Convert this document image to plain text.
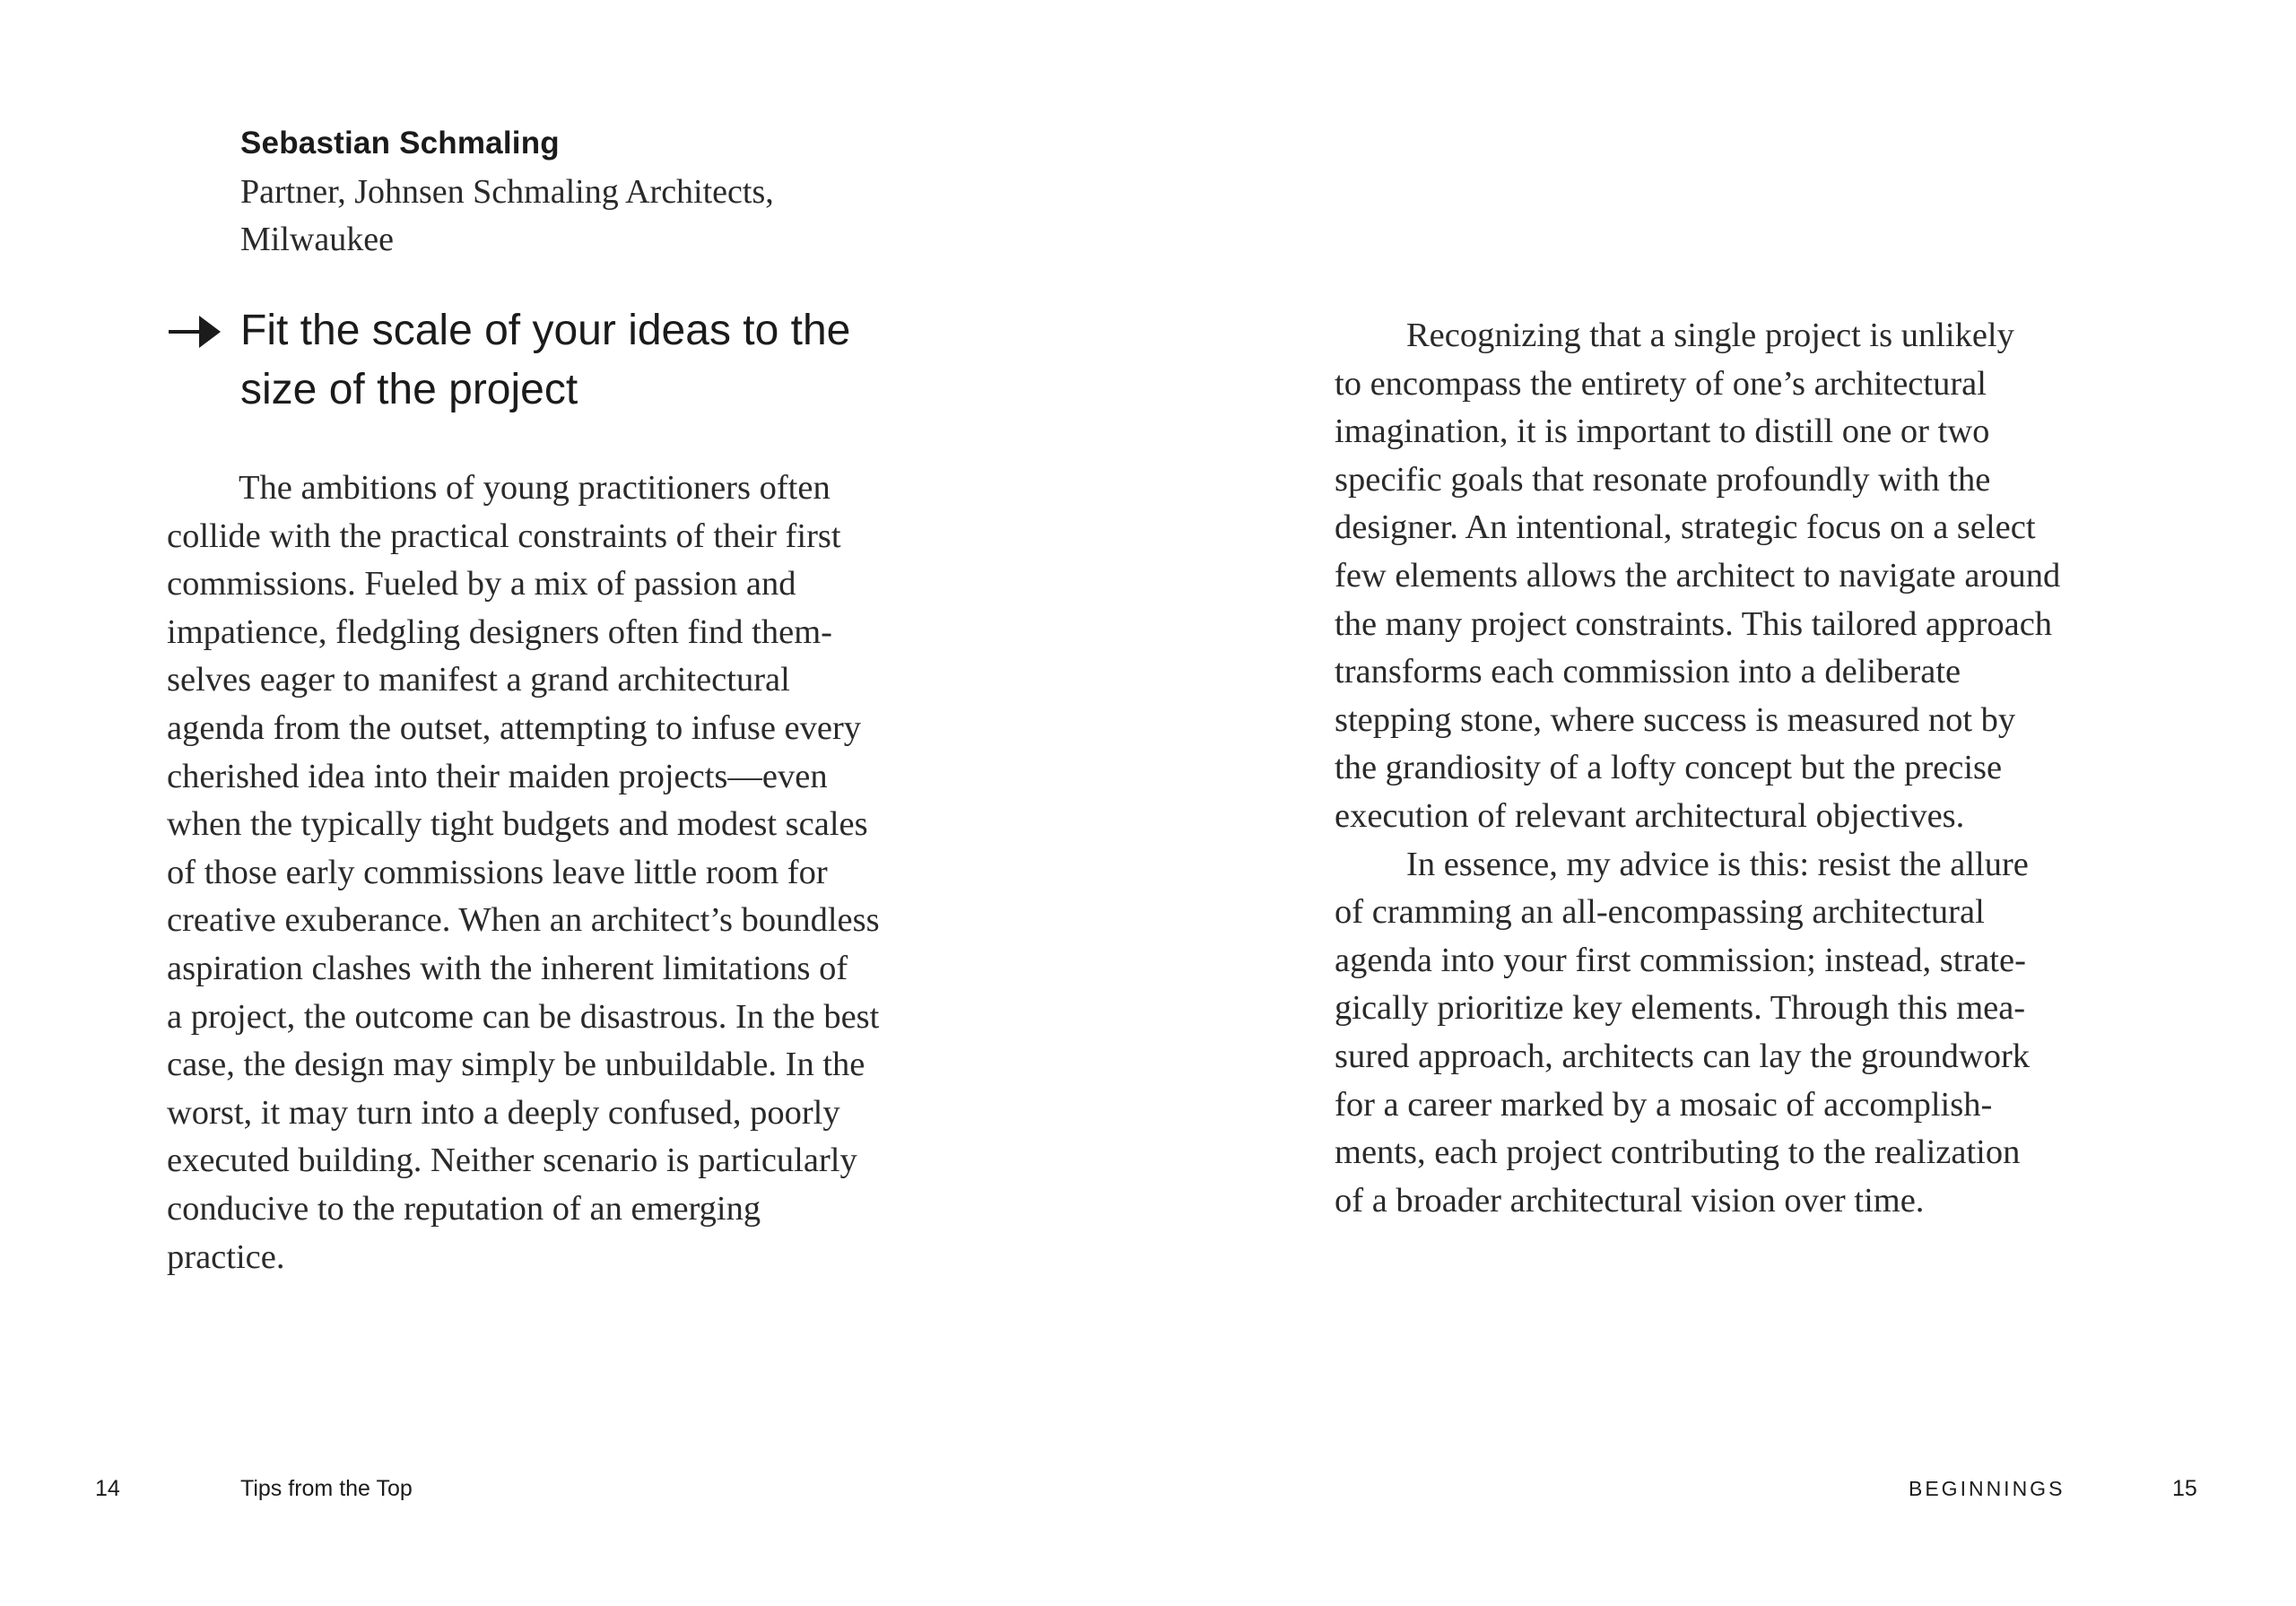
Sebastian Schmaling
Partner, Johnsen Schmaling Architects,
Milwaukee
Fit the scale of your ideas to the
size of the project
The ambitions of young practitioners often
collide with the practical constraints of their first
commissions. Fueled by a mix of passion and
impatience, fledgling designers often find them-
selves eager to manifest a grand architectural
agenda from the outset, attempting to infuse every
cherished idea into their maiden projects—even
when the typically tight budgets and modest scales
of those early commissions leave little room for
creative exuberance. When an architect’s boundless
aspiration clashes with the inherent limitations of
a project, the outcome can be disastrous. In the best
case, the design may simply be unbuildable. In the
worst, it may turn into a deeply confused, poorly
executed building. Neither scenario is particularly
conducive to the reputation of an emerging
practice.
14	Tips from the Top
Recognizing that a single project is unlikely
to encompass the entirety of one’s architectural
imagination, it is important to distill one or two
specific goals that resonate profoundly with the
designer. An intentional, strategic focus on a select
few elements allows the architect to navigate around
the many project constraints. This tailored approach
transforms each commission into a deliberate
stepping stone, where success is measured not by
the grandiosity of a lofty concept but the precise
execution of relevant architectural objectives.
In essence, my advice is this: resist the allure
of cramming an all-encompassing architectural
agenda into your first commission; instead, strate-
gically prioritize key elements. Through this mea-
sured approach, architects can lay the groundwork
for a career marked by a mosaic of accomplish-
ments, each project contributing to the realization
of a broader architectural vision over time.
BEGINNINGS	15
